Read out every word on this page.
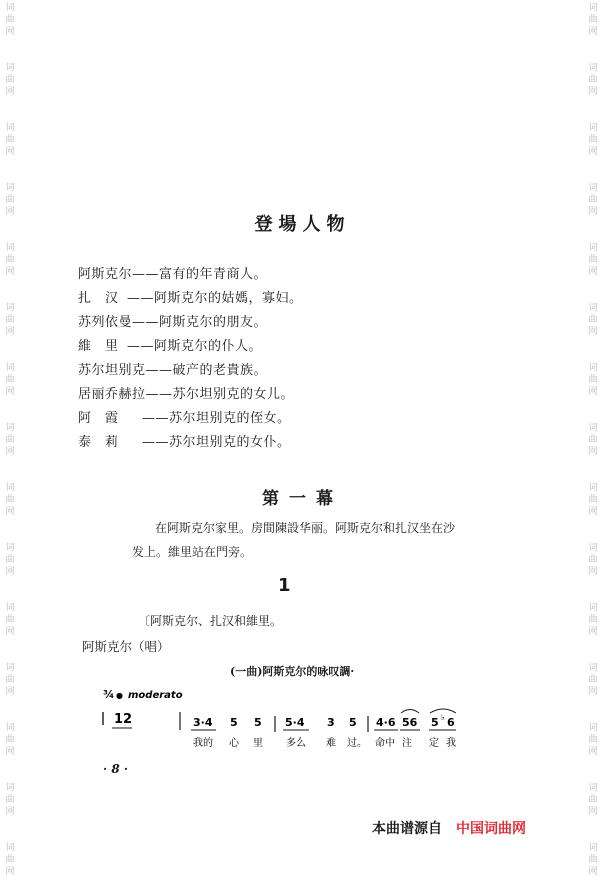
词
曲
网
词
曲
网
词
曲
网
词
曲
网
词
曲
网
词
曲
网
词
曲
网
词
曲
网
词
曲
网
词
曲
网
词
曲
网
词
曲
网
词
曲
网
词
曲
网
词
曲
网
词
曲
网
词
曲
网
词
曲
网
词
曲
网
词
曲
网
词
曲
网
词
曲
网
词
曲
网
词
曲
网
词
曲
网
词
曲
网
词
曲
网
词
曲
网
词
曲
网
词
曲
网
登場人物
阿斯克尔——富有的年青商人。
扎　汉 ——阿斯克尔的姑媽，寡妇。
苏列依曼——阿斯克尔的朋友。
維　里 ——阿斯克尔的仆人。
苏尔坦别克——破产的老貴族。
居丽乔赫拉——苏尔坦别克的女儿。
阿　霞 ——苏尔坦别克的侄女。
泰　莉 ——苏尔坦别克的女仆。
第一幕
在阿斯克尔家里。房間陳設华丽。阿斯克尔和扎汉坐在沙
发上。維里站在門旁。
1
〔阿斯克尔、扎汉和維里。
阿斯克尔（唱）
(一曲)阿斯克尔的咏叹調·
¾ ● moderato
12	3·4 5 5
我的 心 里
5·4 3 5
多么 难 过。
4·6 56 5 ♭ 6
命中 注 定 我
· 8 ·
本曲谱源自 中国词曲网
